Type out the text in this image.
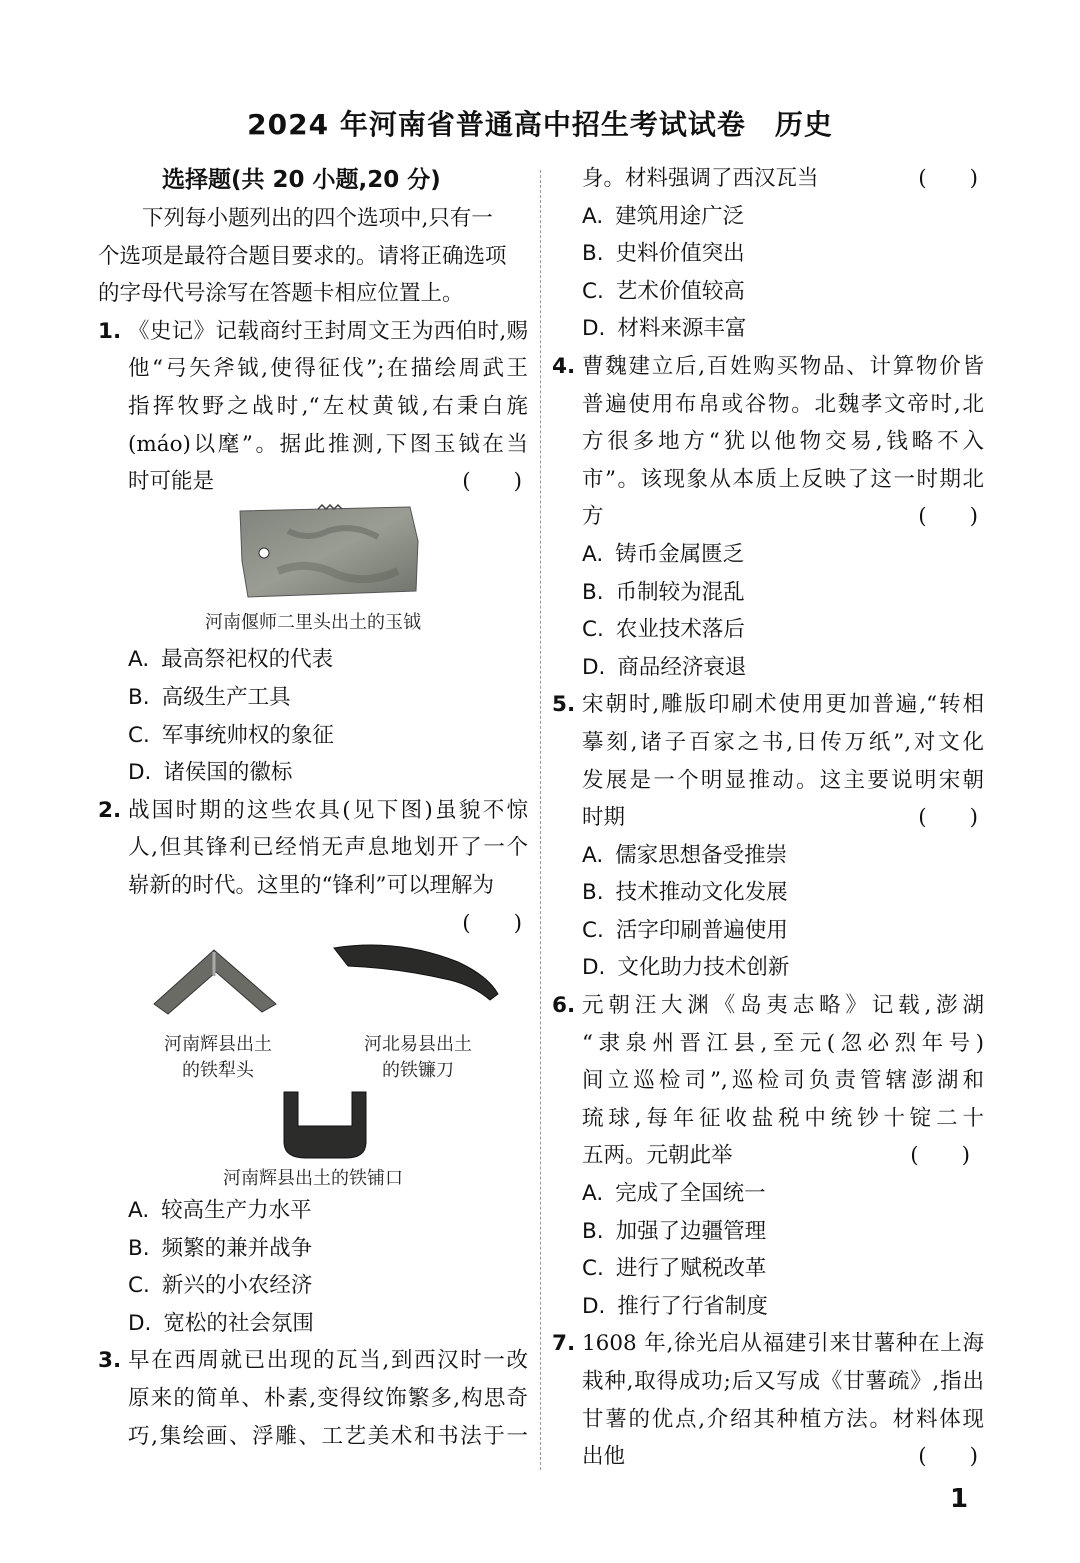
2024 年河南省普通高中招生考试试卷　历史
选择题(共 20 小题,20 分)
下列每小题列出的四个选项中,只有一
个选项是最符合题目要求的。请将正确选项
的字母代号涂写在答题卡相应位置上。
1. 《史记》记载商纣王封周文王为西伯时,赐
他“弓矢斧钺,使得征伐”;在描绘周武王
指挥牧野之战时,“左杖黄钺,右秉白旄
(máo)以麾”。据此推测,下图玉钺在当
时可能是	(　　)
河南偃师二里头出土的玉钺
A. 最高祭祀权的代表
B. 高级生产工具
C. 军事统帅权的象征
D. 诸侯国的徽标
2. 战国时期的这些农具(见下图)虽貌不惊
人,但其锋利已经悄无声息地划开了一个
崭新的时代。这里的“锋利”可以理解为
(　　)
河南辉县出土
的铁犁头
河北易县出土
的铁镰刀
河南辉县出土的铁铺口
A. 较高生产力水平
B. 频繁的兼并战争
C. 新兴的小农经济
D. 宽松的社会氛围
3. 早在西周就已出现的瓦当,到西汉时一改
原来的简单、朴素,变得纹饰繁多,构思奇
巧,集绘画、浮雕、工艺美术和书法于一
身。材料强调了西汉瓦当	(　　)
A. 建筑用途广泛
B. 史料价值突出
C. 艺术价值较高
D. 材料来源丰富
4. 曹魏建立后,百姓购买物品、计算物价皆
普遍使用布帛或谷物。北魏孝文帝时,北
方很多地方“犹以他物交易,钱略不入
市”。该现象从本质上反映了这一时期北
方	(　　)
A. 铸币金属匮乏
B. 币制较为混乱
C. 农业技术落后
D. 商品经济衰退
5. 宋朝时,雕版印刷术使用更加普遍,“转相
摹刻,诸子百家之书,日传万纸”,对文化
发展是一个明显推动。这主要说明宋朝
时期	(　　)
A. 儒家思想备受推崇
B. 技术推动文化发展
C. 活字印刷普遍使用
D. 文化助力技术创新
6. 元朝汪大渊《岛夷志略》记载,澎湖
“隶泉州晋江县,至元(忽必烈年号)
间立巡检司”,巡检司负责管辖澎湖和
琉球,每年征收盐税中统钞十锭二十
五两。元朝此举	(　　)
A. 完成了全国统一
B. 加强了边疆管理
C. 进行了赋税改革
D. 推行了行省制度
7. 1608 年,徐光启从福建引来甘薯种在上海
栽种,取得成功;后又写成《甘薯疏》,指出
甘薯的优点,介绍其种植方法。材料体现
出他	(　　)
1
